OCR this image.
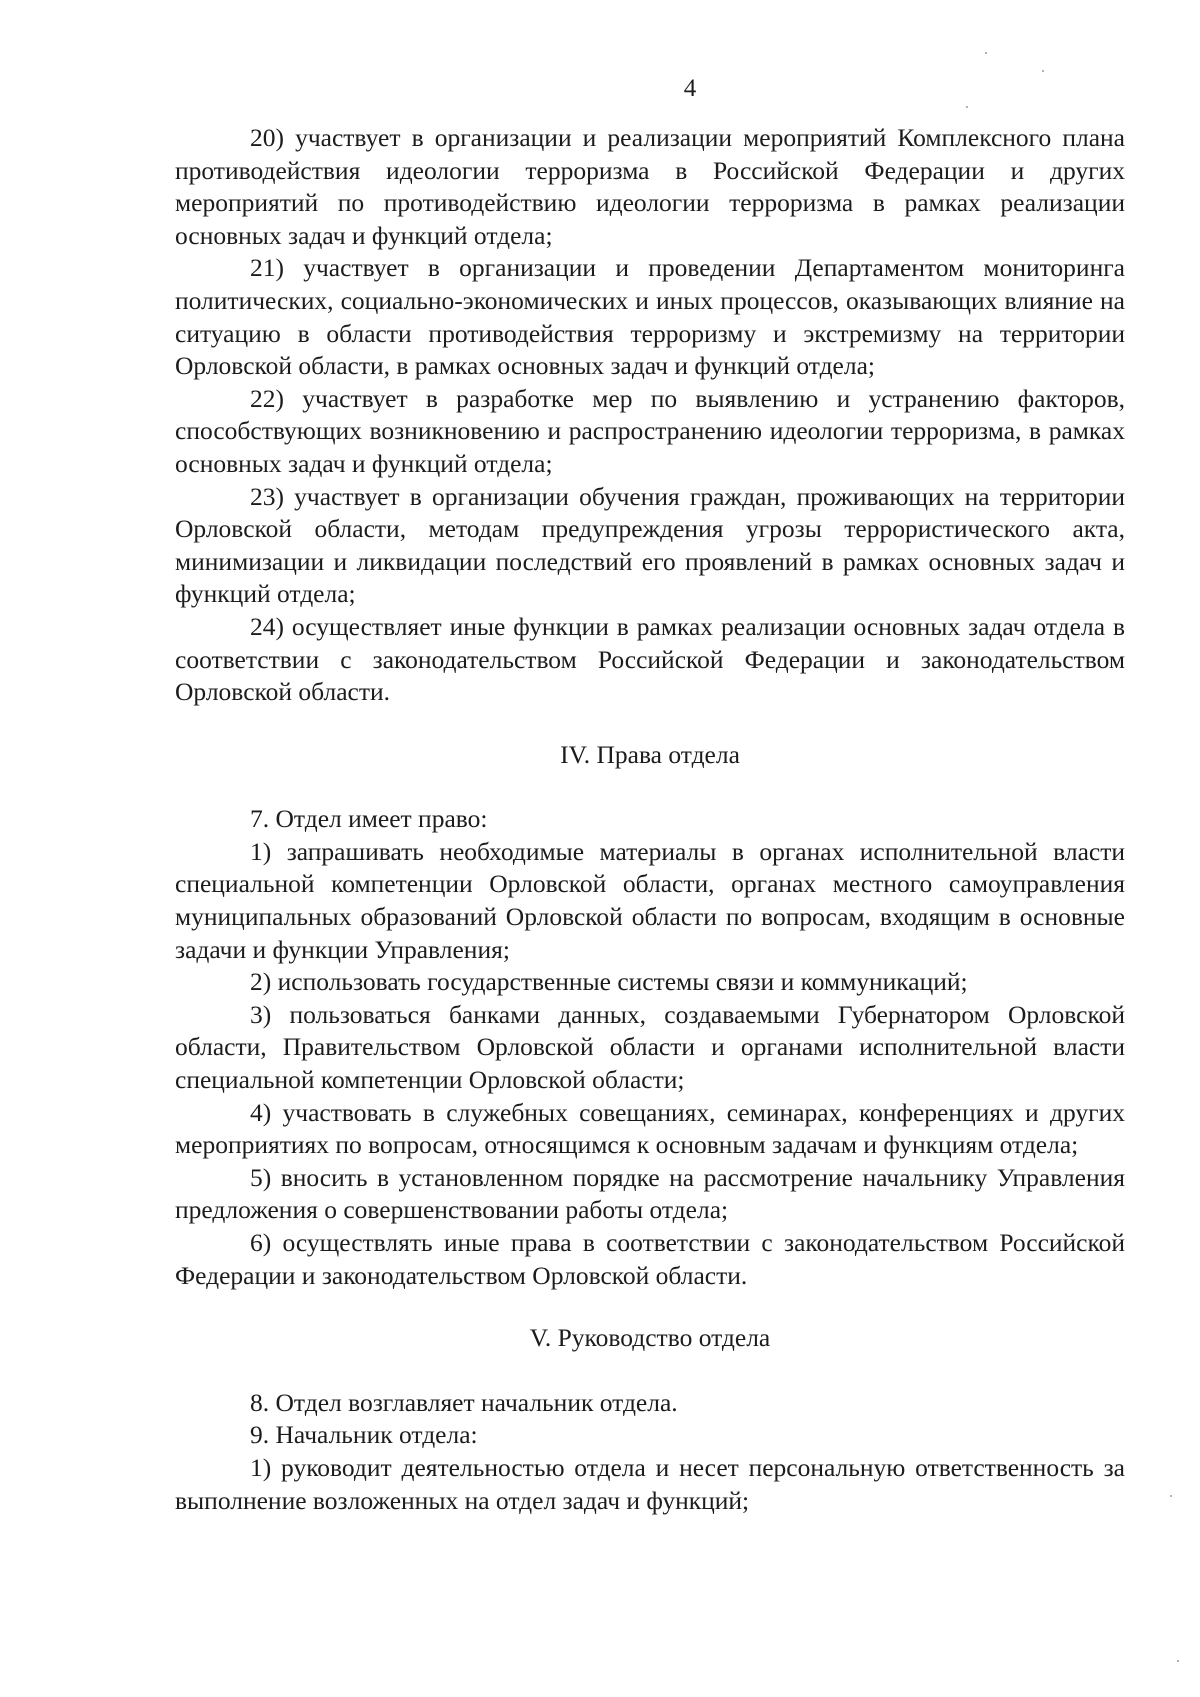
4

20) участвует в организации и реализации мероприятий Комплексного плана противодействия идеологии терроризма в Российской Федерации и других мероприятий по противодействию идеологии терроризма в рамках реализации основных задач и функций отдела;

21) участвует в организации и проведении Департаментом мониторинга политических, социально-экономических и иных процессов, оказывающих влияние на ситуацию в области противодействия терроризму и экстремизму на территории Орловской области, в рамках основных задач и функций отдела;

22) участвует в разработке мер по выявлению и устранению факторов, способствующих возникновению и распространению идеологии терроризма, в рамках основных задач и функций отдела;

23) участвует в организации обучения граждан, проживающих на территории Орловской области, методам предупреждения угрозы террористического акта, минимизации и ликвидации последствий его проявлений в рамках основных задач и функций отдела;

24) осуществляет иные функции в рамках реализации основных задач отдела в соответствии с законодательством Российской Федерации и законодательством Орловской области.

IV. Права отдела

7. Отдел имеет право:

1) запрашивать необходимые материалы в органах исполнительной власти специальной компетенции Орловской области, органах местного самоуправления муниципальных образований Орловской области по вопросам, входящим в основные задачи и функции Управления;

2) использовать государственные системы связи и коммуникаций;

3) пользоваться банками данных, создаваемыми Губернатором Орловской области, Правительством Орловской области и органами исполнительной власти специальной компетенции Орловской области;

4) участвовать в служебных совещаниях, семинарах, конференциях и других мероприятиях по вопросам, относящимся к основным задачам и функциям отдела;

5) вносить в установленном порядке на рассмотрение начальнику Управления предложения о совершенствовании работы отдела;

6) осуществлять иные права в соответствии с законодательством Российской Федерации и законодательством Орловской области.

V. Руководство отдела

8. Отдел возглавляет начальник отдела.

9. Начальник отдела:

1) руководит деятельностью отдела и несет персональную ответственность за выполнение возложенных на отдел задач и функций;
